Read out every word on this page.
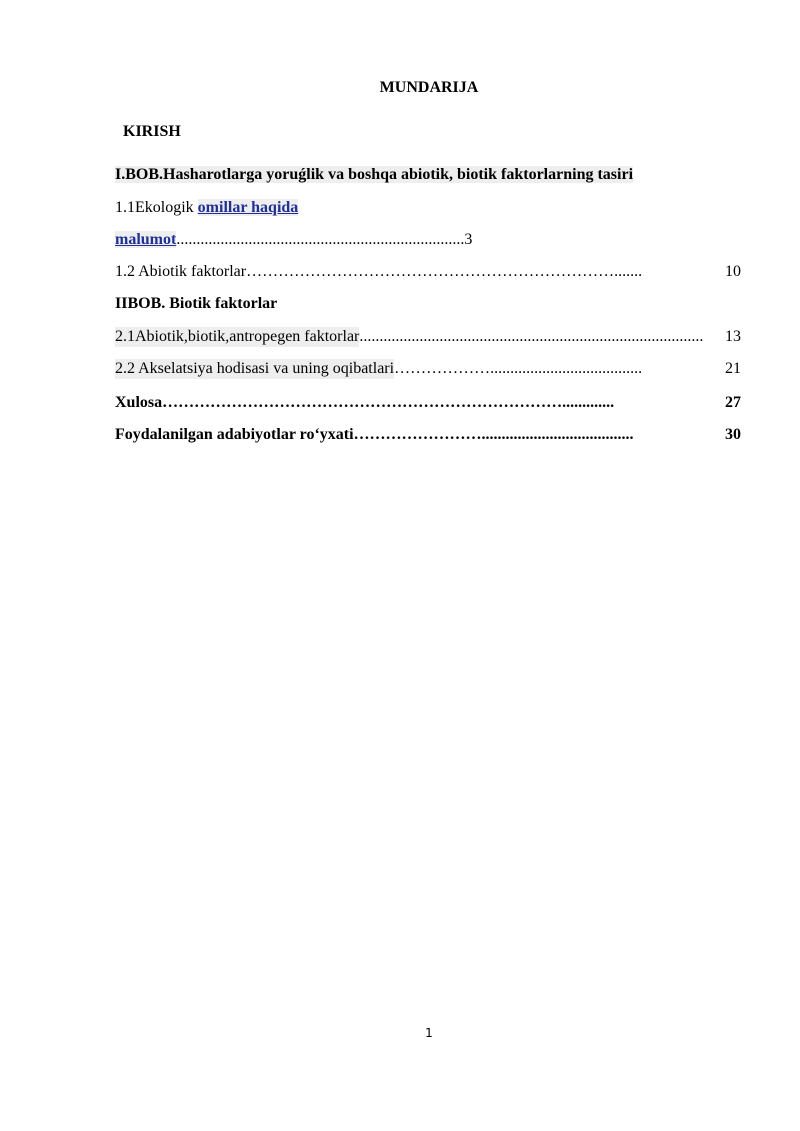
MUNDARIJA
KIRISH
I.BOB.Hasharotlarga yoruǵlik va boshqa abiotik, biotik faktorlarning tasiri
1.1Ekologik omillar haqida
malumot........................................................................3
1.2 Abiotik faktorlar …………………………………………………………….......	10
IIBOB. Biotik faktorlar
2.1Abiotik,biotik,antropegen faktorlar ......................................................................................	13
2.2 Akselatsiya hodisasi va uning oqibatlari ………………......................................	21
Xulosa ………………………………………………………………….............	27
Foydalanilgan adabiyotlar ro‘yxati ……………………......................................	30
1
